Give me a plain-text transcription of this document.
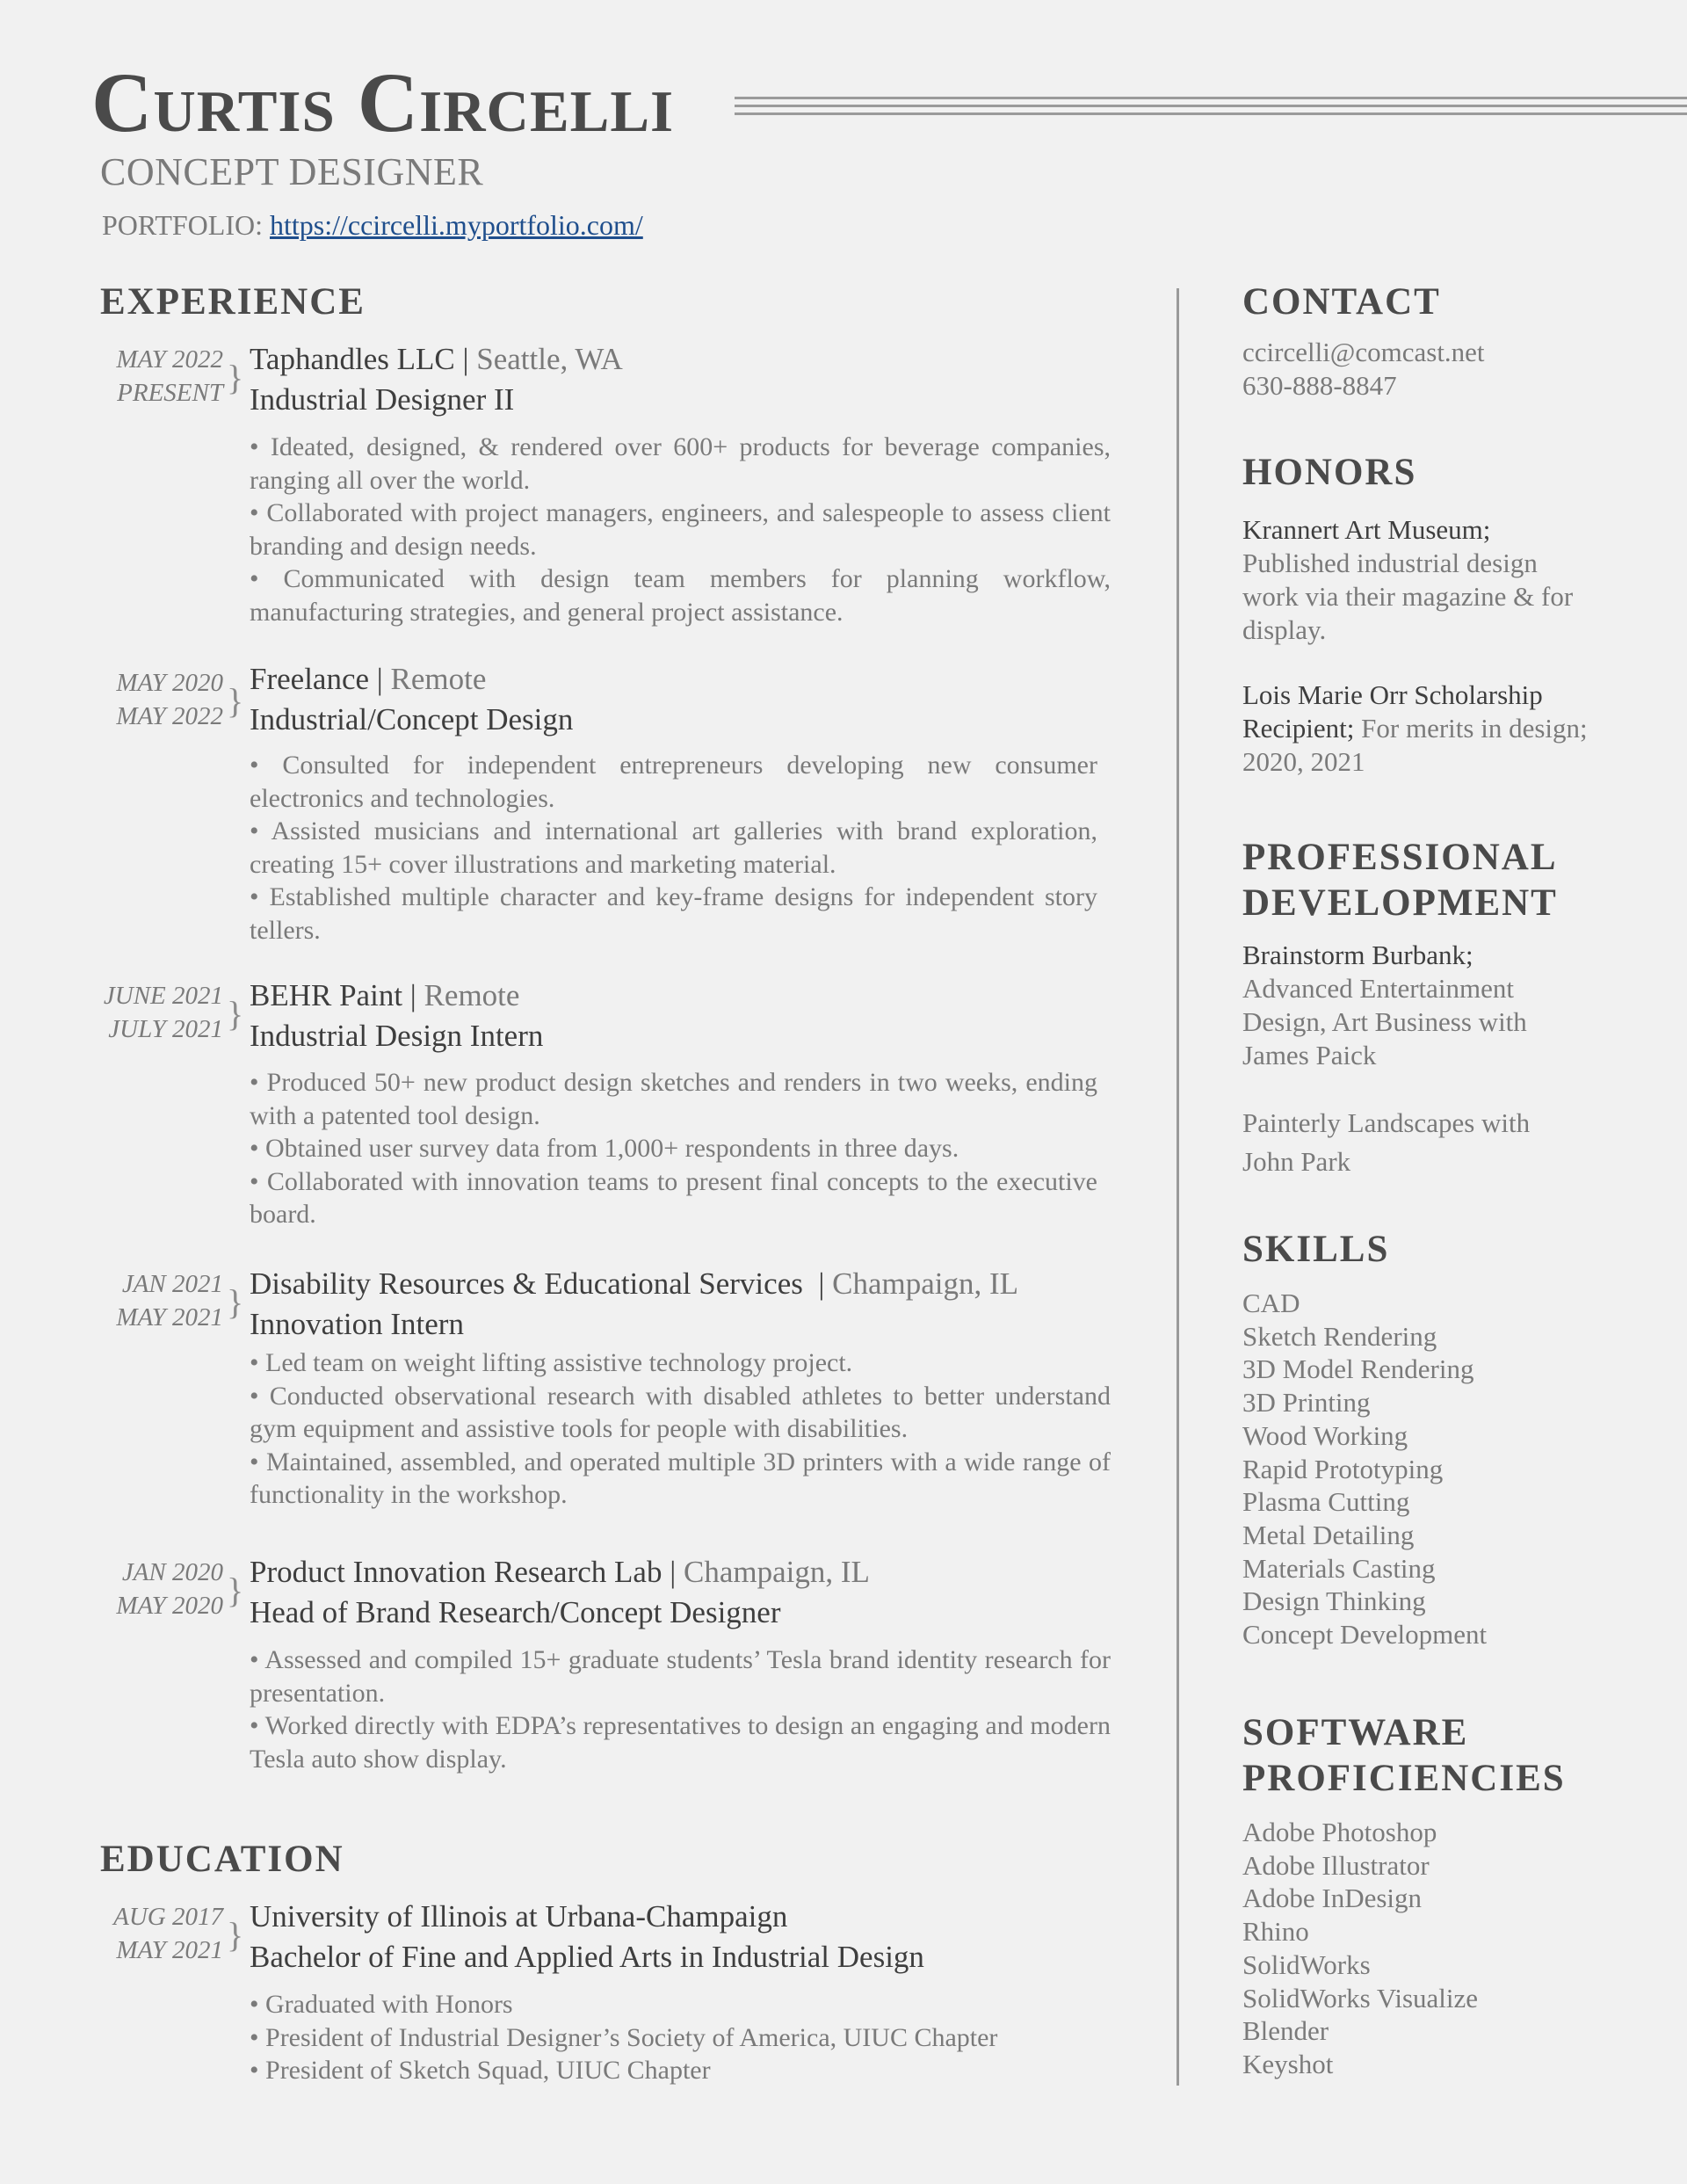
Curtis Circelli
CONCEPT DESIGNER
PORTFOLIO: https://ccircelli.myportfolio.com/
EXPERIENCE
MAY 2022
PRESENT } Taphandles LLC | Seattle, WA
Industrial Designer II
• Ideated, designed, & rendered over 600+ products for beverage companies, ranging all over the world.
• Collaborated with project managers, engineers, and salespeople to assess client branding and design needs.
• Communicated with design team members for planning workflow, manufacturing strategies, and general project assistance.
MAY 2020
MAY 2022 }
Freelance | Remote
Industrial/Concept Design
• Consulted for independent entrepreneurs developing new consumer electronics and technologies.
• Assisted musicians and international art galleries with brand exploration, creating 15+ cover illustrations and marketing material.
• Established multiple character and key-frame designs for independent story tellers.
JUNE 2021
JULY 2021 } BEHR Paint | Remote
Industrial Design Intern
• Produced 50+ new product design sketches and renders in two weeks, ending with a patented tool design.
• Obtained user survey data from 1,000+ respondents in three days.
• Collaborated with innovation teams to present final concepts to the executive board.
JAN 2021
MAY 2021 } Disability Resources & Educational Services  | Champaign, IL
Innovation Intern
• Led team on weight lifting assistive technology project.
• Conducted observational research with disabled athletes to better understand gym equipment and assistive tools for people with disabilities.
• Maintained, assembled, and operated multiple 3D printers with a wide range of functionality in the workshop.
JAN 2020
MAY 2020 } Product Innovation Research Lab | Champaign, IL
Head of Brand Research/Concept Designer
• Assessed and compiled 15+ graduate students’ Tesla brand identity research for presentation.
• Worked directly with EDPA’s representatives to design an engaging and modern Tesla auto show display.
EDUCATION
AUG 2017
MAY 2021 } University of Illinois at Urbana-Champaign
Bachelor of Fine and Applied Arts in Industrial Design
• Graduated with Honors
• President of Industrial Designer’s Society of America, UIUC Chapter
• President of Sketch Squad, UIUC Chapter
CONTACT
ccircelli@comcast.net
630-888-8847
HONORS
Krannert Art Museum; Published industrial design work via their magazine & for display.
Lois Marie Orr Scholarship Recipient; For merits in design; 2020, 2021
PROFESSIONAL
DEVELOPMENT
Brainstorm Burbank; Advanced Entertainment Design, Art Business with James Paick
Painterly Landscapes with
John Park
SKILLS
CAD
Sketch Rendering
3D Model Rendering
3D Printing
Wood Working
Rapid Prototyping
Plasma Cutting
Metal Detailing
Materials Casting
Design Thinking
Concept Development
SOFTWARE
PROFICIENCIES
Adobe Photoshop
Adobe Illustrator
Adobe InDesign
Rhino
SolidWorks
SolidWorks Visualize
Blender
Keyshot
